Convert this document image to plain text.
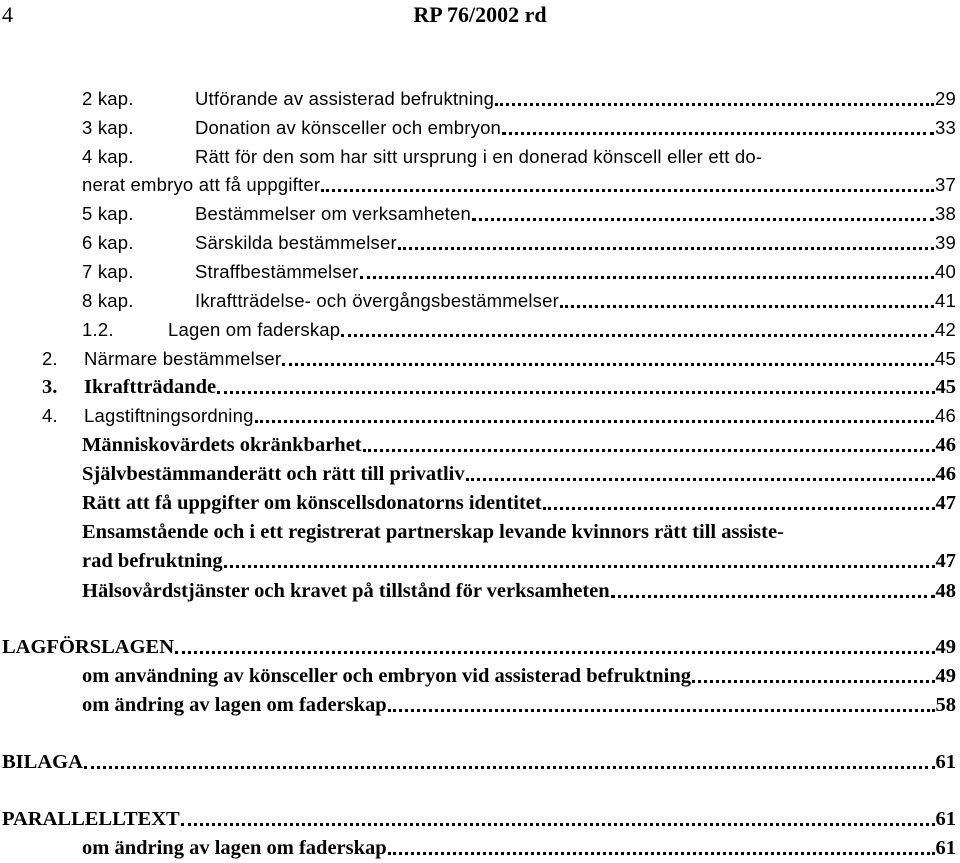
4	RP 76/2002 rd
2 kap.	Utförande av assisterad befruktning	29
3 kap.	Donation av könsceller och embryon	33
4 kap.	Rätt för den som har sitt ursprung i en donerad könscell eller ett do-
nerat embryo att få uppgifter	37
5 kap.	Bestämmelser om verksamheten	38
6 kap.	Särskilda bestämmelser	39
7 kap.	Straffbestämmelser	40
8 kap.	Ikraftträdelse- och övergångsbestämmelser	41
1.2.	Lagen om faderskap	42
2.	Närmare bestämmelser	45
3.	Ikraftträdande	45
4.	Lagstiftningsordning	46
Människovärdets okränkbarhet	46
Självbestämmanderätt och rätt till privatliv	46
Rätt att få uppgifter om könscellsdonatorns identitet	47
Ensamstående och i ett registrerat partnerskap levande kvinnors rätt till assiste-
rad befruktning	47
Hälsovårdstjänster och kravet på tillstånd för verksamheten	48
LAGFÖRSLAGEN	49
om användning av könsceller och embryon vid assisterad befruktning	49
om ändring av lagen om faderskap	58
BILAGA	61
PARALLELLTEXT	61
om ändring av lagen om faderskap	61
